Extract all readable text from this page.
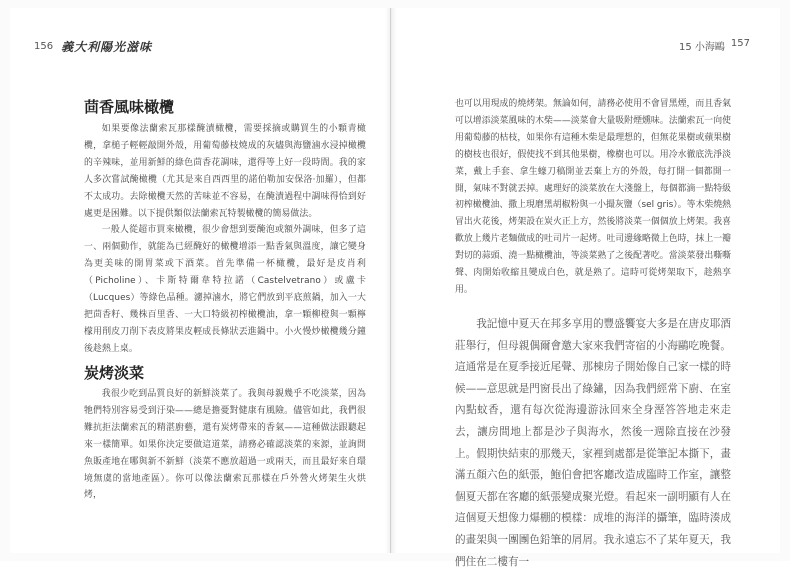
156 義大利陽光滋味	15 小海鷗 157
茴香風味橄欖

如果要像法蘭索瓦那樣醃漬橄欖，需要採摘或購買生的小顆青橄欖，拿槌子輕輕敲開外殼，用葡萄藤枝燒成的灰燼與海鹽滷水浸掉橄欖的辛辣味，並用新鮮的綠色茴香花調味，還得等上好一段時間。我的家人多次嘗試醃橄欖（尤其是來自西西里的諾伯勒加安保洛‧加羅），但都不太成功。去除橄欖天然的苦味並不容易，在醃漬過程中調味得恰到好處更是困難。以下提供類似法蘭索瓦特製橄欖的簡易做法。

一般人從超市買來橄欖，很少會想到要醃泡或額外調味，但多了這一、兩個動作，就能為已經醃好的橄欖增添一點香氣與溫度，讓它變身為更美味的開胃菜或下酒菜。首先準備一杯橄欖，最好是皮肖利（Picholine）、卡斯特爾韋特拉諾（Castelvetrano）或盧卡（Lucques）等綠色品種。濾掉滷水，將它們放到平底煎鍋，加入一大把茴香籽、幾株百里香、一大口特級初榨橄欖油，拿一顆柳橙與一顆檸檬用削皮刀削下表皮將果皮輕成長條狀丟進鍋中。小火慢炒橄欖幾分鐘後趁熱上桌。

炭烤淡菜

我很少吃到品質良好的新鮮淡菜了。我與母親幾乎不吃淡菜，因為牠們特別容易受到汙染——總是擔憂對健康有風險。儘管如此，我們很難抗拒法蘭索瓦的精湛廚藝，還有炭烤帶來的香氣——這種做法跟聽起來一樣簡單。如果你決定要做這道菜，請務必確認淡菜的來源，並詢問魚販產地在哪與新不新鮮（淡菜不應放超過一或兩天，而且最好來自環境無虞的當地產區）。你可以像法蘭索瓦那樣在戶外營火烤架生火烘烤，

也可以用現成的燒烤架。無論如何，請務必使用不會冒黑煙，而且香氣可以增添淡菜風味的木柴——淡菜會大量吸附煙燻味。法蘭索瓦一向使用葡萄藤的枯枝，如果你有這種木柴是最理想的，但無花果樹或蘋果樹的樹枝也很好，假使找不到其他果樹，橡樹也可以。用冷水徹底洗淨淡菜，戴上手套、拿生蠔刀稿開並丟棄上方的外殼，每打開一個都開一開，氣味不對就丟掉。處理好的淡菜放在大淺盤上，每個都滴一點特級初榨橄欖油、撒上現磨黑胡椒粉與一小撮灰鹽（sel gris）。等木柴燒熱冒出火花後，烤架設在炭火正上方，然後將淡菜一個個放上烤架。我喜歡放上幾片老麵做成的吐司片一起烤。吐司邊緣略微上色時，抹上一瓣對切的蒜頭、澆一點橄欖油，等淡菜熟了之後配著吃。當淡菜發出嘶嘶聲、肉開始收縮且變成白色，就是熟了。這時可從烤架取下，趁熱享用。

我記憶中夏天在邦多享用的豐盛饗宴大多是在唐皮耶酒莊舉行，但母親偶爾會邀大家來我們寄宿的小海鷗吃晚餐。這通常是在夏季接近尾聲、那棟房子開始像自己家一樣的時候——意思就是門窗長出了綠鏽，因為我們經常下廚、在室內點蚊香，還有每次從海邊游泳回來全身溼答答地走來走去，讓房間地上都是沙子與海水，然後一週除直接在沙發上。假期快結束的那幾天，家裡到處都是從筆記本撕下，畫滿五顏六色的紙張，鮑伯會把客廳改造成臨時工作室，讓整個夏天都在客廳的紙張變成聚光燈。看起來一副明顯有人在這個夏天想像力爆棚的模樣：成堆的海洋的攝筆，臨時湊成的畫架與一團團色鉛筆的屑屑。我永遠忘不了某年夏天，我們住在二樓有一
